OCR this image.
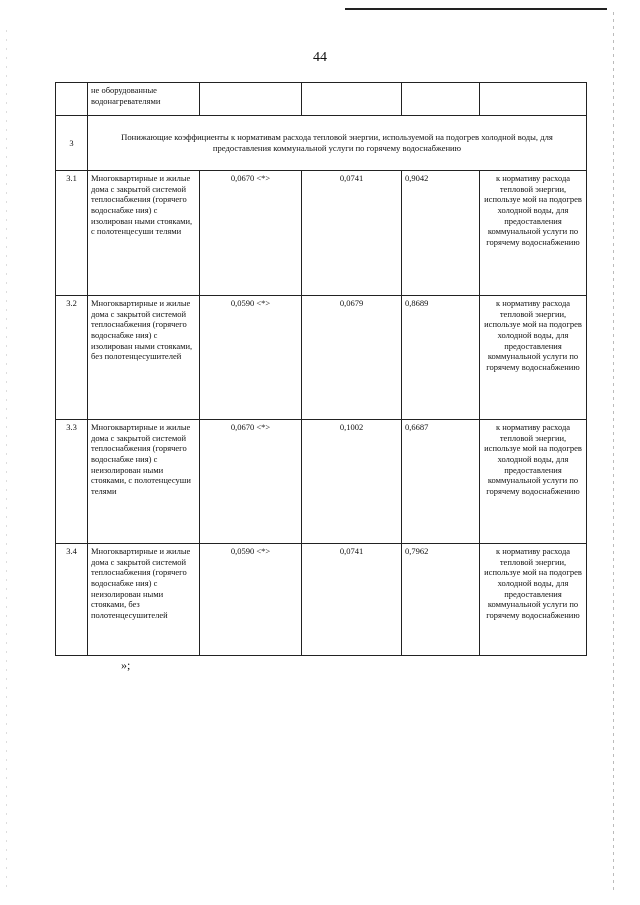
44
	не оборудованные водонагревателями				
3	Понижающие коэффициенты к нормативам расхода тепловой энергии, используемой на подогрев холодной воды, для предоставления коммунальной услуги по горячему водоснабжению				
3.1	Многоквартирные и жилые дома с закрытой системой теплоснабжения (горячего водоснабже ния) с изолирован ными стояками, с полотенцесуши телями	0,0670 <*>	0,0741	0,9042	к нормативу расхода тепловой энергии, используе мой на подогрев холодной воды, для предоставления коммунальной услуги по горячему водоснабжению
3.2	Многоквартирные и жилые дома с закрытой системой теплоснабжения (горячего водоснабже ния) с изолирован ными стояками, без полотенцесушителей	0,0590 <*>	0,0679	0,8689	к нормативу расхода тепловой энергии, используе мой на подогрев холодной воды, для предоставления коммунальной услуги по горячему водоснабжению
3.3	Многоквартирные и жилые дома с закрытой системой теплоснабжения (горячего водоснабже ния) с неизолирован ными стояками, с полотенцесуши телями	0,0670 <*>	0,1002	0,6687	к нормативу расхода тепловой энергии, используе мой на подогрев холодной воды, для предоставления коммунальной услуги по горячему водоснабжению
3.4	Многоквартирные и жилые дома с закрытой системой теплоснабжения (горячего водоснабже ния) с неизолирован ными стояками, без полотенцесушителей	0,0590 <*>	0,0741	0,7962	к нормативу расхода тепловой энергии, используе мой на подогрев холодной воды, для предоставления коммунальной услуги по горячему водоснабжению
»;
